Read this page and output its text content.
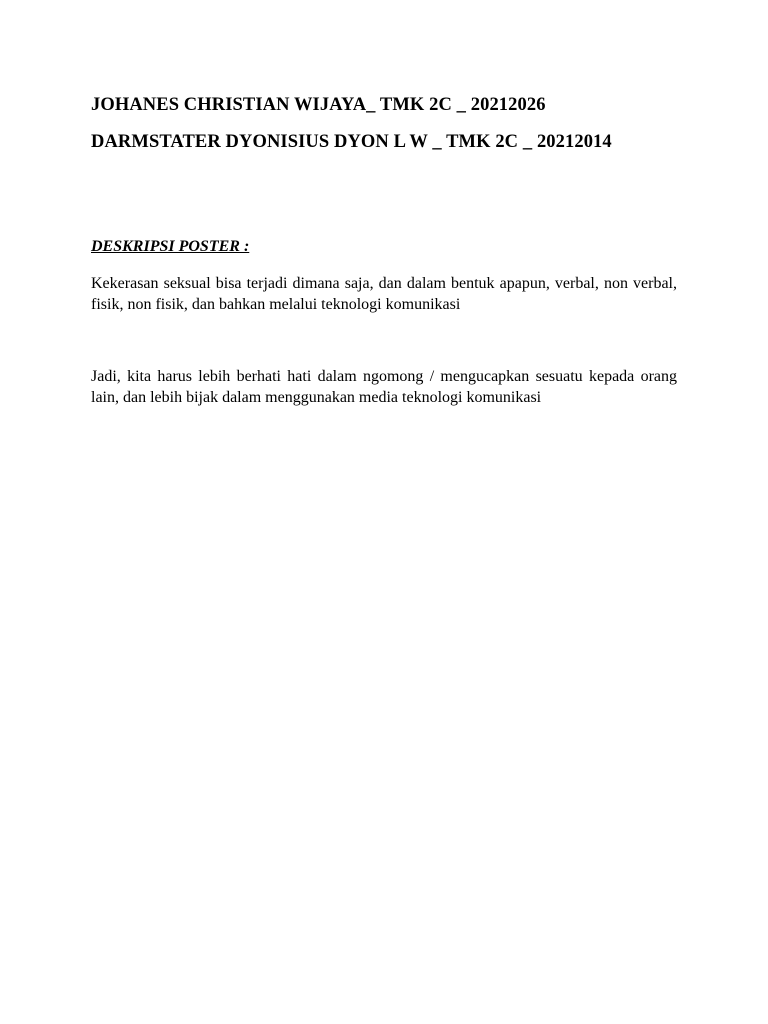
JOHANES CHRISTIAN WIJAYA_ TMK 2C _ 20212026
DARMSTATER DYONISIUS DYON L W _ TMK 2C _ 20212014
DESKRIPSI POSTER :

Kekerasan seksual bisa terjadi dimana saja, dan dalam bentuk apapun, verbal, non verbal, fisik, non fisik, dan bahkan melalui teknologi komunikasi

Jadi, kita harus lebih berhati hati dalam ngomong / mengucapkan sesuatu kepada orang lain, dan lebih bijak dalam menggunakan media teknologi komunikasi
